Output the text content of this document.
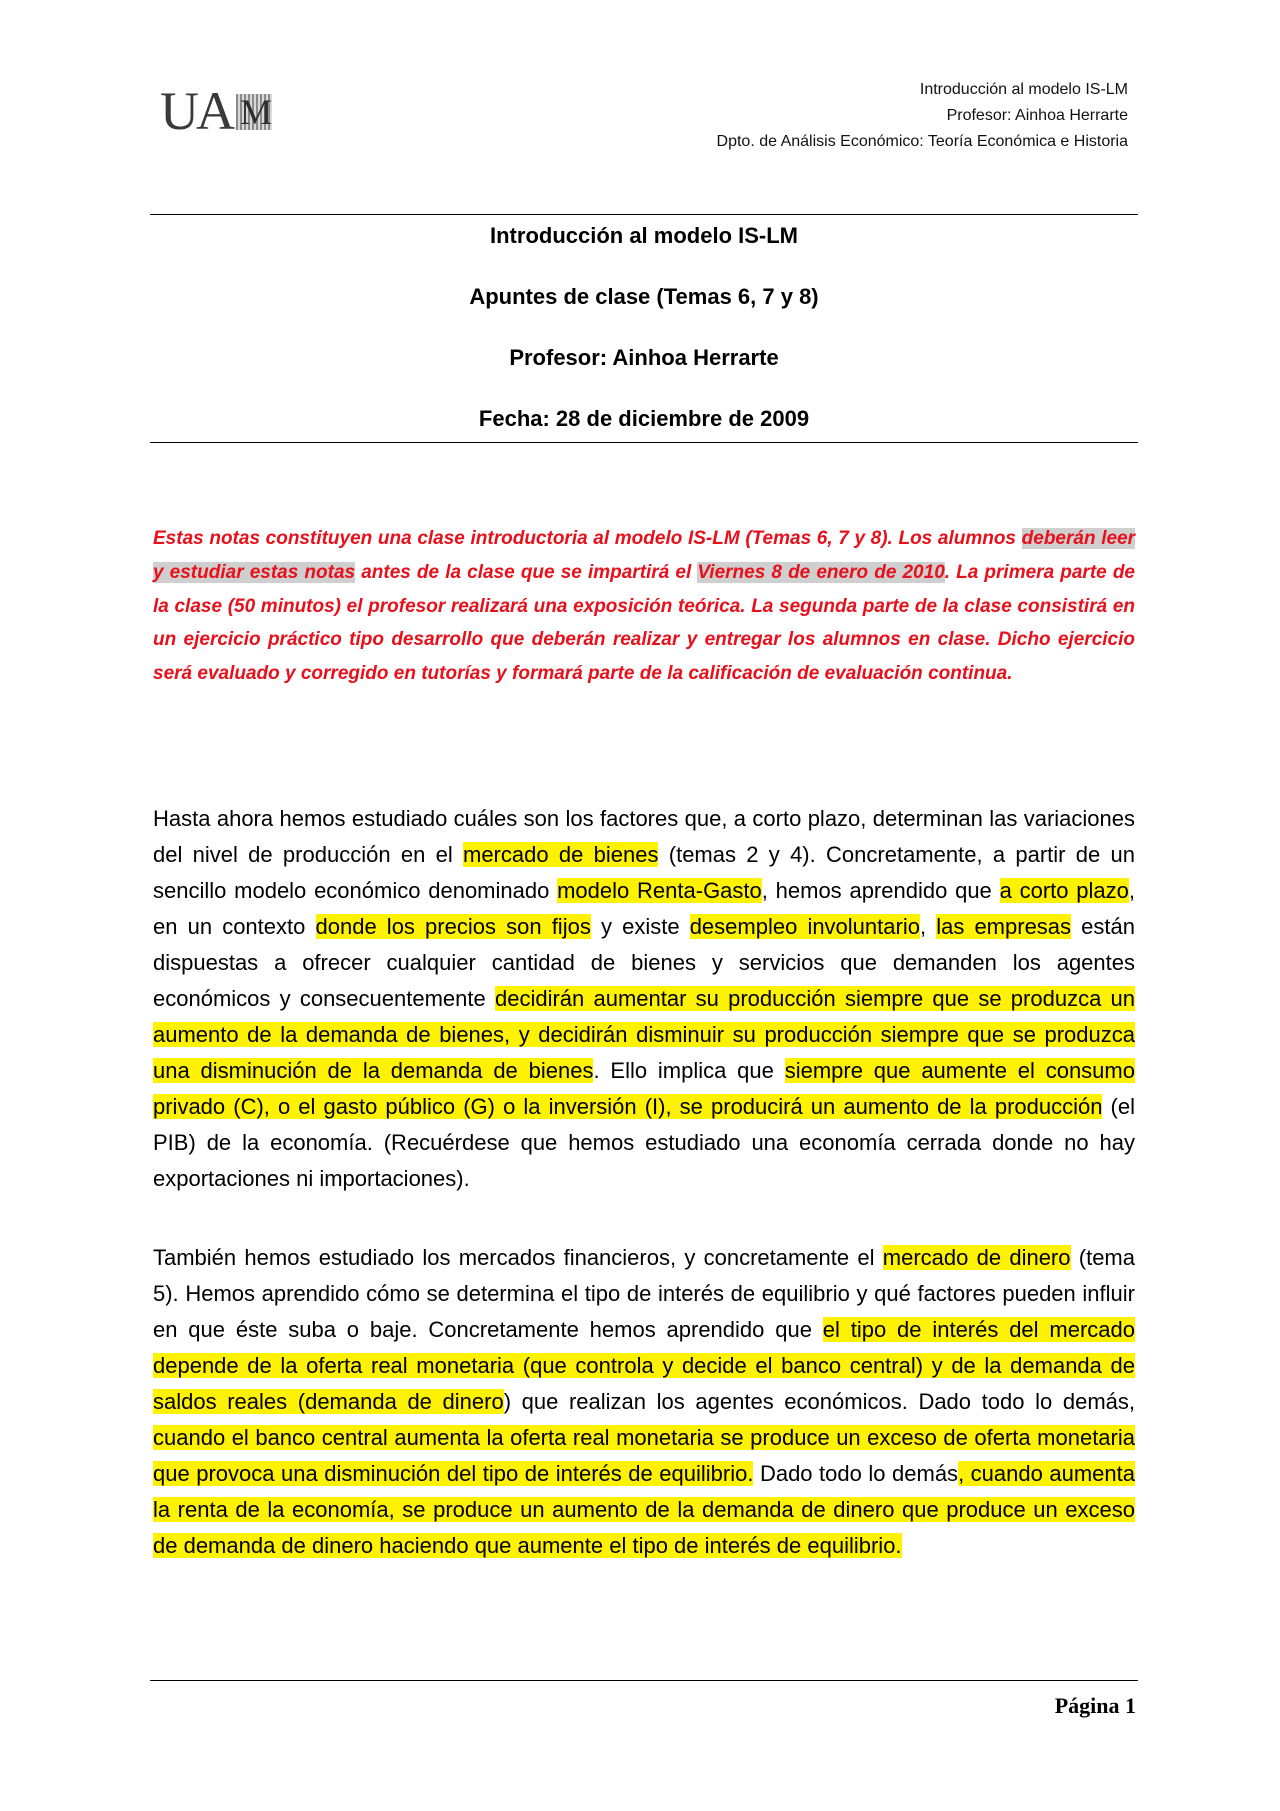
UA M
Introducción al modelo IS-LM
Profesor: Ainhoa Herrarte
Dpto. de Análisis Económico: Teoría Económica e Historia
Introducción al modelo IS-LM
Apuntes de clase (Temas 6, 7 y 8)
Profesor: Ainhoa Herrarte
Fecha: 28 de diciembre de 2009
Estas notas constituyen una clase introductoria al modelo IS-LM (Temas 6, 7 y 8). Los alumnos deberán leer y estudiar estas notas antes de la clase que se impartirá el Viernes 8 de enero de 2010. La primera parte de la clase (50 minutos) el profesor realizará una exposición teórica. La segunda parte de la clase consistirá en un ejercicio práctico tipo desarrollo que deberán realizar y entregar los alumnos en clase. Dicho ejercicio será evaluado y corregido en tutorías y formará parte de la calificación de evaluación continua.
Hasta ahora hemos estudiado cuáles son los factores que, a corto plazo, determinan las variaciones del nivel de producción en el mercado de bienes (temas 2 y 4). Concretamente, a partir de un sencillo modelo económico denominado modelo Renta-Gasto, hemos aprendido que a corto plazo, en un contexto donde los precios son fijos y existe desempleo involuntario, las empresas están dispuestas a ofrecer cualquier cantidad de bienes y servicios que demanden los agentes económicos y consecuentemente decidirán aumentar su producción siempre que se produzca un aumento de la demanda de bienes, y decidirán disminuir su producción siempre que se produzca una disminución de la demanda de bienes. Ello implica que siempre que aumente el consumo privado (C), o el gasto público (G) o la inversión (I), se producirá un aumento de la producción (el PIB) de la economía. (Recuérdese que hemos estudiado una economía cerrada donde no hay exportaciones ni importaciones).
También hemos estudiado los mercados financieros, y concretamente el mercado de dinero (tema 5). Hemos aprendido cómo se determina el tipo de interés de equilibrio y qué factores pueden influir en que éste suba o baje. Concretamente hemos aprendido que el tipo de interés del mercado depende de la oferta real monetaria (que controla y decide el banco central) y de la demanda de saldos reales (demanda de dinero) que realizan los agentes económicos. Dado todo lo demás, cuando el banco central aumenta la oferta real monetaria se produce un exceso de oferta monetaria que provoca una disminución del tipo de interés de equilibrio. Dado todo lo demás, cuando aumenta la renta de la economía, se produce un aumento de la demanda de dinero que produce un exceso de demanda de dinero haciendo que aumente el tipo de interés de equilibrio.
Página 1
